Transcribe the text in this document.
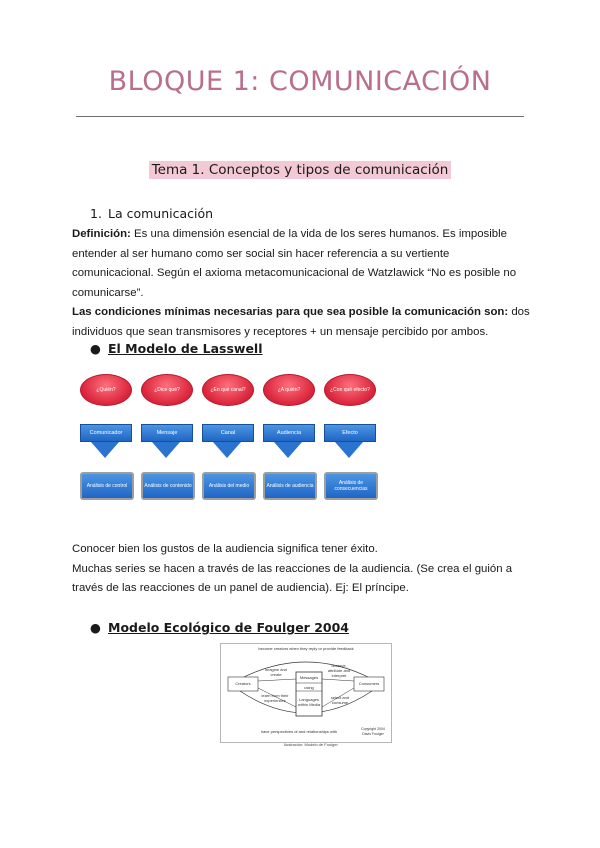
BLOQUE 1: COMUNICACIÓN
Tema 1. Conceptos y tipos de comunicación
1. La comunicación

Definición: Es una dimensión esencial de la vida de los seres humanos. Es imposible entender al ser humano como ser social sin hacer referencia a su vertiente comunicacional. Según el axioma metacomunicacional de Watzlawick “No es posible no comunicarse”.

Las condiciones mínimas necesarias para que sea posible la comunicación son: dos individuos que sean transmisores y receptores + un mensaje percibido por ambos.

● El Modelo de Lasswell
¿Quién?	¿Dice qué?	¿En qué canal?	¿A quién?	¿Con qué efecto?
Comunicador	Mensaje	Canal	Audiencia	Efecto
Análisis de control	Análisis de contenido	Análisis del medio	Análisis de audiencia	Análisis de consecuencias

Conocer bien los gustos de la audiencia significa tener éxito.

Muchas series se hacen a través de las reacciones de la audiencia. (Se crea el guión a través de las reacciones de un panel de audiencia). Ej: El príncipe.

● Modelo Ecológico de Foulger 2004
become creators when they reply or provide feedback
Creators	Consumers
Messages
using
Languages within Media
imagine and create
observe, attribute and interpret
learn from their experiences
select and consume
have perspectives of and relationships with	Copyright 2004 Davis Foulger
Ilustración: Modelo de Foulger
